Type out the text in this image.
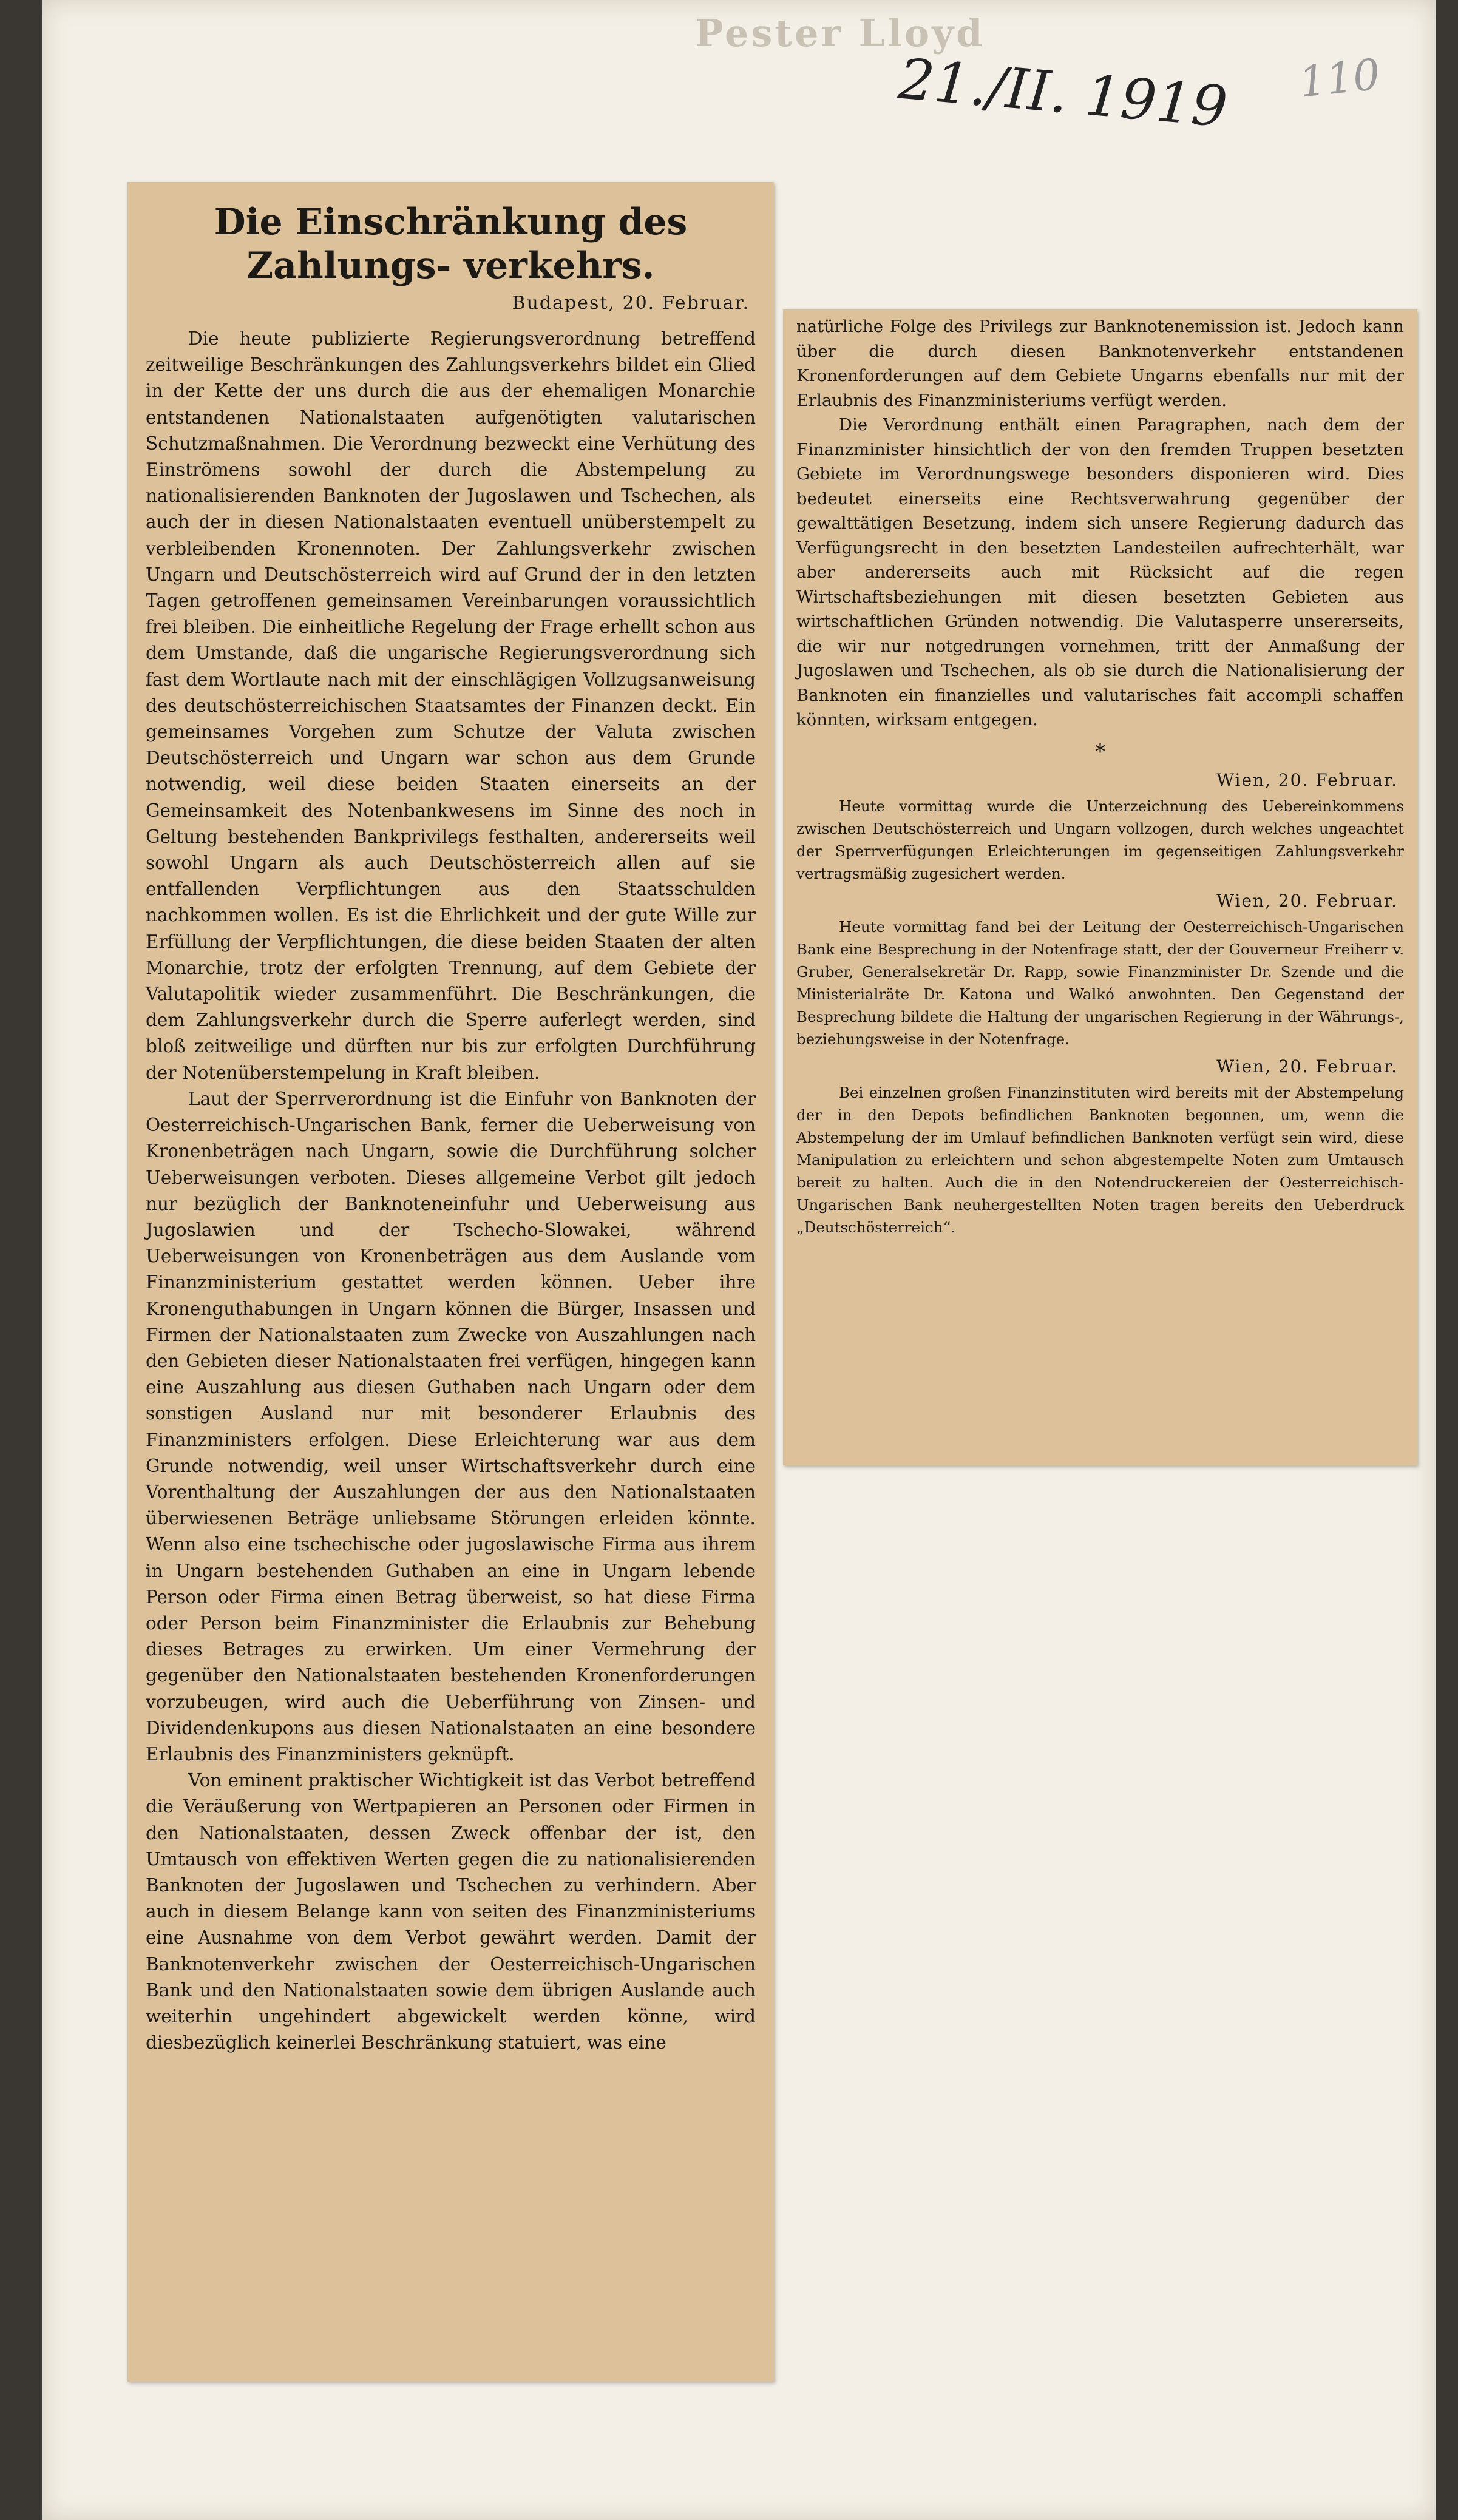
Pester Lloyd
21./II. 1919 110
Die Einschränkung des Zahlungs- verkehrs.
Budapest, 20. Februar.

Die heute publizierte Regierungsverordnung betreffend zeitweilige Beschränkungen des Zahlungsverkehrs bildet ein Glied in der Kette der uns durch die aus der ehemaligen Monarchie entstandenen Nationalstaaten aufgenötigten valutarischen Schutzmaßnahmen. Die Verordnung bezweckt eine Verhütung des Einströmens sowohl der durch die Abstempelung zu nationalisierenden Banknoten der Jugoslawen und Tschechen, als auch der in diesen Nationalstaaten eventuell unüberstempelt zu verbleibenden Kronennoten. Der Zahlungsverkehr zwischen Ungarn und Deutschösterreich wird auf Grund der in den letzten Tagen getroffenen gemeinsamen Vereinbarungen voraussichtlich frei bleiben. Die einheitliche Regelung der Frage erhellt schon aus dem Umstande, daß die ungarische Regierungsverordnung sich fast dem Wortlaute nach mit der einschlägigen Vollzugsanweisung des deutschösterreichischen Staatsamtes der Finanzen deckt. Ein gemeinsames Vorgehen zum Schutze der Valuta zwischen Deutschösterreich und Ungarn war schon aus dem Grunde notwendig, weil diese beiden Staaten einerseits an der Gemeinsamkeit des Notenbankwesens im Sinne des noch in Geltung bestehenden Bankprivilegs festhalten, andererseits weil sowohl Ungarn als auch Deutschösterreich allen auf sie entfallenden Verpflichtungen aus den Staatsschulden nachkommen wollen. Es ist die Ehrlichkeit und der gute Wille zur Erfüllung der Verpflichtungen, die diese beiden Staaten der alten Monarchie, trotz der erfolgten Trennung, auf dem Gebiete der Valutapolitik wieder zusammenführt. Die Beschränkungen, die dem Zahlungsverkehr durch die Sperre auferlegt werden, sind bloß zeitweilige und dürften nur bis zur erfolgten Durchführung der Notenüberstempelung in Kraft bleiben.

Laut der Sperrverordnung ist die Einfuhr von Banknoten der Oesterreichisch-Ungarischen Bank, ferner die Ueberweisung von Kronenbeträgen nach Ungarn, sowie die Durchführung solcher Ueberweisungen verboten. Dieses allgemeine Verbot gilt jedoch nur bezüglich der Banknoteneinfuhr und Ueberweisung aus Jugoslawien und der Tschecho-Slowakei, während Ueberweisungen von Kronenbeträgen aus dem Auslande vom Finanzministerium gestattet werden können. Ueber ihre Kronenguthabungen in Ungarn können die Bürger, Insassen und Firmen der Nationalstaaten zum Zwecke von Auszahlungen nach den Gebieten dieser Nationalstaaten frei verfügen, hingegen kann eine Auszahlung aus diesen Guthaben nach Ungarn oder dem sonstigen Ausland nur mit besonderer Erlaubnis des Finanzministers erfolgen. Diese Erleichterung war aus dem Grunde notwendig, weil unser Wirtschaftsverkehr durch eine Vorenthaltung der Auszahlungen der aus den Nationalstaaten überwiesenen Beträge unliebsame Störungen erleiden könnte. Wenn also eine tschechische oder jugoslawische Firma aus ihrem in Ungarn bestehenden Guthaben an eine in Ungarn lebende Person oder Firma einen Betrag überweist, so hat diese Firma oder Person beim Finanzminister die Erlaubnis zur Behebung dieses Betrages zu erwirken. Um einer Vermehrung der gegenüber den Nationalstaaten bestehenden Kronenforderungen vorzubeugen, wird auch die Ueberführung von Zinsen- und Dividendenkupons aus diesen Nationalstaaten an eine besondere Erlaubnis des Finanzministers geknüpft.

Von eminent praktischer Wichtigkeit ist das Verbot betreffend die Veräußerung von Wertpapieren an Personen oder Firmen in den Nationalstaaten, dessen Zweck offenbar der ist, den Umtausch von effektiven Werten gegen die zu nationalisierenden Banknoten der Jugoslawen und Tschechen zu verhindern. Aber auch in diesem Belange kann von seiten des Finanzministeriums eine Ausnahme von dem Verbot gewährt werden. Damit der Banknotenverkehr zwischen der Oesterreichisch-Ungarischen Bank und den Nationalstaaten sowie dem übrigen Auslande auch weiterhin ungehindert abgewickelt werden könne, wird diesbezüglich keinerlei Beschränkung statuiert, was eine

natürliche Folge des Privilegs zur Banknotenemission ist. Jedoch kann über die durch diesen Banknotenverkehr entstandenen Kronenforderungen auf dem Gebiete Ungarns ebenfalls nur mit der Erlaubnis des Finanzministeriums verfügt werden.

Die Verordnung enthält einen Paragraphen, nach dem der Finanzminister hinsichtlich der von den fremden Truppen besetzten Gebiete im Verordnungswege besonders disponieren wird. Dies bedeutet einerseits eine Rechtsverwahrung gegenüber der gewalttätigen Besetzung, indem sich unsere Regierung dadurch das Verfügungsrecht in den besetzten Landesteilen aufrechterhält, war aber andererseits auch mit Rücksicht auf die regen Wirtschaftsbeziehungen mit diesen besetzten Gebieten aus wirtschaftlichen Gründen notwendig. Die Valutasperre unsererseits, die wir nur notgedrungen vornehmen, tritt der Anmaßung der Jugoslawen und Tschechen, als ob sie durch die Nationalisierung der Banknoten ein finanzielles und valutarisches fait accompli schaffen könnten, wirksam entgegen.

*
Wien, 20. Februar.

Heute vormittag wurde die Unterzeichnung des Uebereinkommens zwischen Deutschösterreich und Ungarn vollzogen, durch welches ungeachtet der Sperrverfügungen Erleichterungen im gegenseitigen Zahlungsverkehr vertragsmäßig zugesichert werden.

Wien, 20. Februar.

Heute vormittag fand bei der Leitung der Oesterreichisch-Ungarischen Bank eine Besprechung in der Notenfrage statt, der der Gouverneur Freiherr v. Gruber, Generalsekretär Dr. Rapp, sowie Finanzminister Dr. Szende und die Ministerialräte Dr. Katona und Walkó anwohnten. Den Gegenstand der Besprechung bildete die Haltung der ungarischen Regierung in der Währungs-, beziehungsweise in der Notenfrage.

Wien, 20. Februar.

Bei einzelnen großen Finanzinstituten wird bereits mit der Abstempelung der in den Depots befindlichen Banknoten begonnen, um, wenn die Abstempelung der im Umlauf befindlichen Banknoten verfügt sein wird, diese Manipulation zu erleichtern und schon abgestempelte Noten zum Umtausch bereit zu halten. Auch die in den Notendruckereien der Oesterreichisch-Ungarischen Bank neuhergestellten Noten tragen bereits den Ueberdruck „Deutschösterreich“.
